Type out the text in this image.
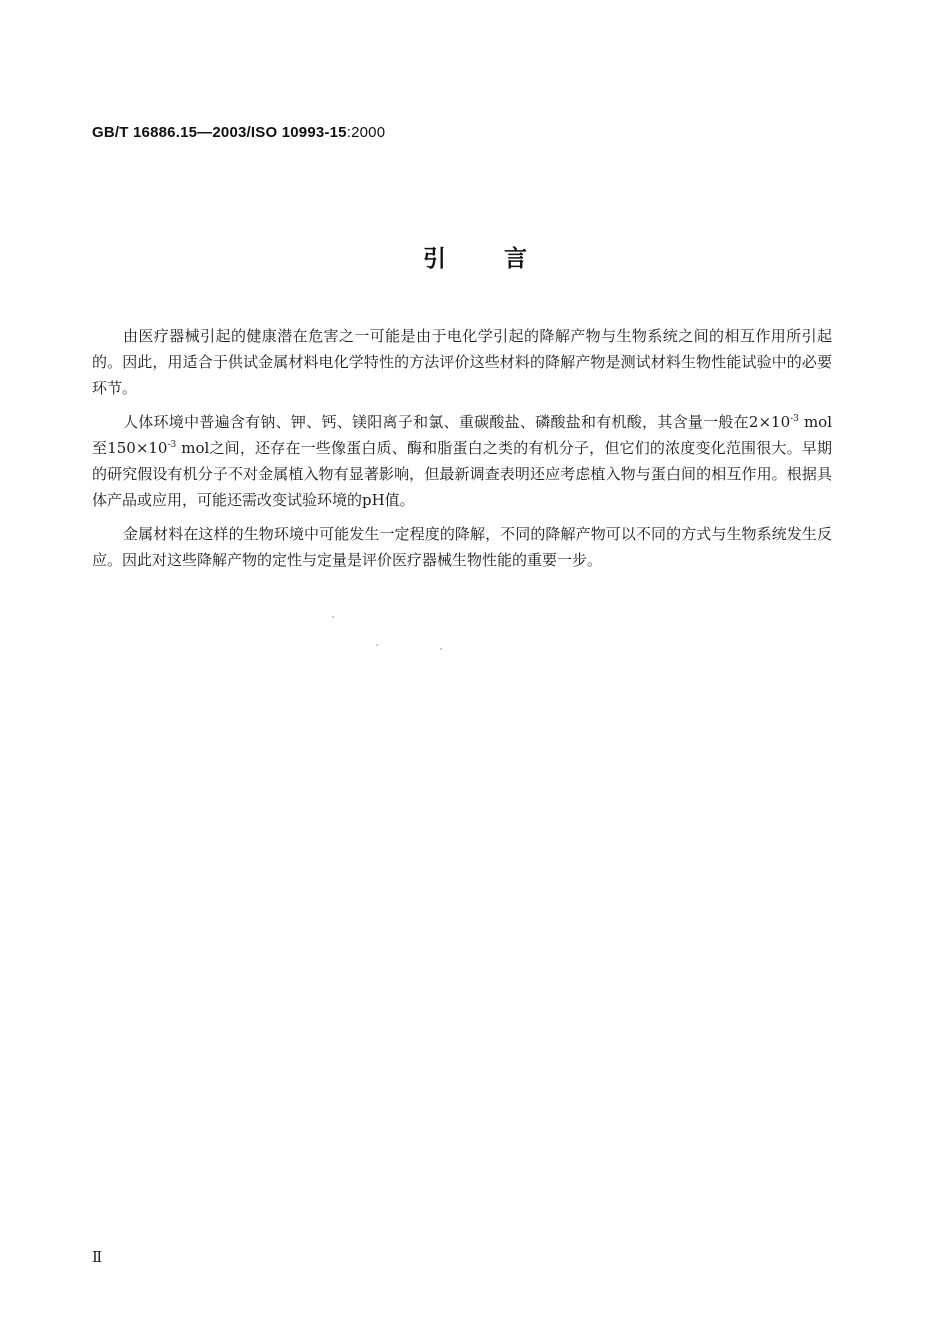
GB/T 16886.15—2003/ISO 10993-15:2000
引言

由医疗器械引起的健康潜在危害之一可能是由于电化学引起的降解产物与生物系统之间的相互作用所引起的。因此，用适合于供试金属材料电化学特性的方法评价这些材料的降解产物是测试材料生物性能试验中的必要环节。

人体环境中普遍含有钠、钾、钙、镁阳离子和氯、重碳酸盐、磷酸盐和有机酸，其含量一般在$2\times 10^{-3}$ mol至$150\times 10^{-3}$ mol之间，还存在一些像蛋白质、酶和脂蛋白之类的有机分子，但它们的浓度变化范围很大。早期的研究假设有机分子不对金属植入物有显著影响，但最新调查表明还应考虑植入物与蛋白间的相互作用。根据具体产品或应用，可能还需改变试验环境的pH值。

金属材料在这样的生物环境中可能发生一定程度的降解，不同的降解产物可以不同的方式与生物系统发生反应。因此对这些降解产物的定性与定量是评价医疗器械生物性能的重要一步。

Ⅱ
